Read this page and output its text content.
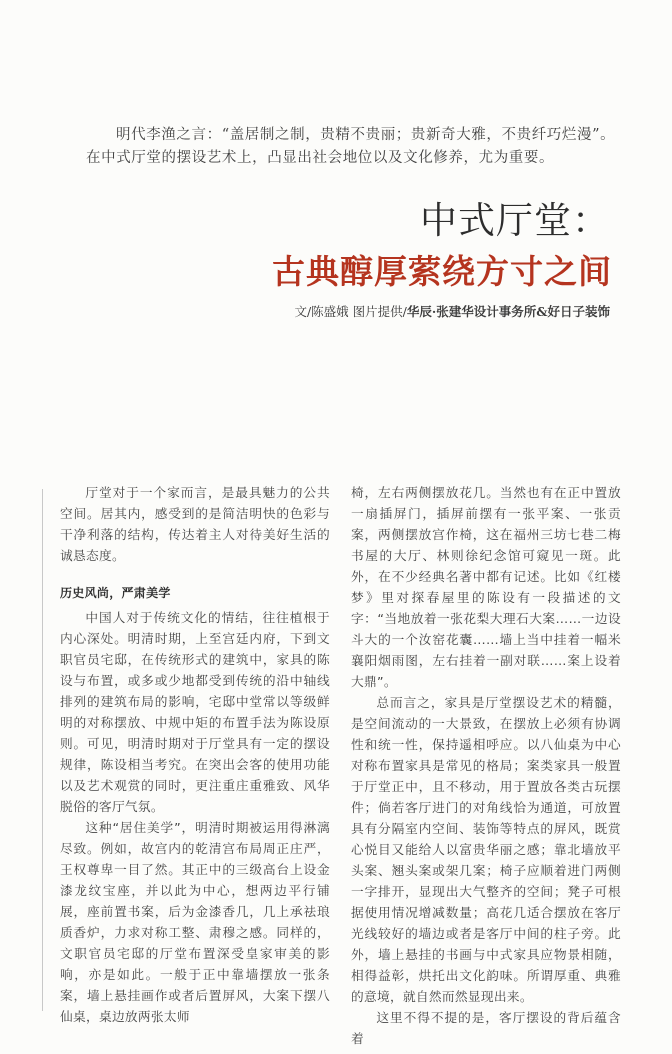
明代李渔之言：“盖居制之制，贵精不贵丽；贵新奇大雅，不贵纤巧烂漫”。

在中式厅堂的摆设艺术上，凸显出社会地位以及文化修养，尤为重要。

中式厅堂：
古典醇厚萦绕方寸之间
文/陈盛娥 图片提供/华辰·张建华设计事务所&好日子装饰

厅堂对于一个家而言，是最具魅力的公共空间。居其内，感受到的是简洁明快的色彩与干净利落的结构，传达着主人对待美好生活的诚恳态度。

历史风尚，严肃美学

中国人对于传统文化的情结，往往植根于内心深处。明清时期，上至宫廷内府，下到文职官员宅邸，在传统形式的建筑中，家具的陈设与布置，或多或少地都受到传统的沿中轴线排列的建筑布局的影响，宅邸中堂常以等级鲜明的对称摆放、中规中矩的布置手法为陈设原则。可见，明清时期对于厅堂具有一定的摆设规律，陈设相当考究。在突出会客的使用功能以及艺术观赏的同时，更注重庄重雅致、风华脱俗的客厅气氛。

这种“居住美学”，明清时期被运用得淋漓尽致。例如，故宫内的乾清宫布局周正庄严，王权尊卑一目了然。其正中的三级高台上设金漆龙纹宝座，并以此为中心，想两边平行铺展，座前置书案，后为金漆香几，几上承祛琅质香炉，力求对称工整、肃穆之感。同样的，文职官员宅邸的厅堂布置深受皇家审美的影响，亦是如此。一般于正中靠墙摆放一张条案，墙上悬挂画作或者后置屏风，大案下摆八仙桌，桌边放两张太师

椅，左右两侧摆放花几。当然也有在正中置放一扇插屏门，插屏前摆有一张平案、一张贡案，两侧摆放宫作椅，这在福州三坊七巷二梅书屋的大厅、林则徐纪念馆可窥见一斑。此外，在不少经典名著中都有记述。比如《红楼梦》里对探春屋里的陈设有一段描述的文字：“当地放着一张花梨大理石大案……一边设斗大的一个汝窑花囊……墙上当中挂着一幅米襄阳烟雨图，左右挂着一副对联……案上设着大鼎”。

总而言之，家具是厅堂摆设艺术的精髓，是空间流动的一大景致，在摆放上必须有协调性和统一性，保持遥相呼应。以八仙桌为中心对称布置家具是常见的格局；案类家具一般置于厅堂正中，且不移动，用于置放各类古玩摆件；倘若客厅进门的对角线恰为通道，可放置具有分隔室内空间、装饰等特点的屏风，既赏心悦目又能给人以富贵华丽之感；靠北墙放平头案、翘头案或架几案；椅子应顺着进门两侧一字排开，显现出大气整齐的空间；凳子可根据使用情况增减数量；高花几适合摆放在客厅光线较好的墙边或者是客厅中间的柱子旁。此外，墙上悬挂的书画与中式家具应物景相随，相得益彰，烘托出文化韵味。所谓厚重、典雅的意境，就自然而然显现出来。

这里不得不提的是，客厅摆设的背后蕴含着
